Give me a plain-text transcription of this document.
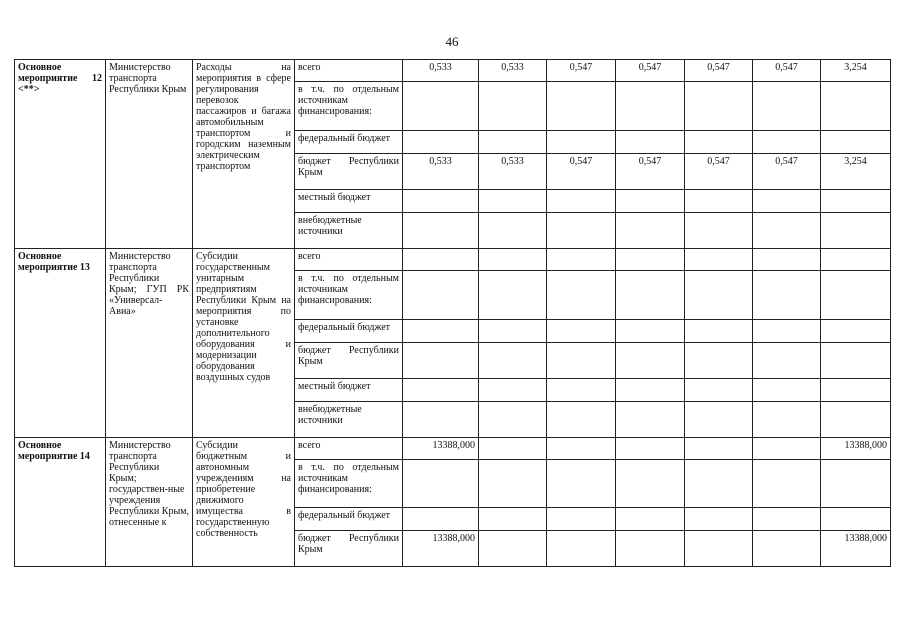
46
Основное мероприятие 12 <**>	Министерство транспорта Республики Крым	Расходы на мероприятия в сфере регулирования перевозок пассажиров и багажа автомобильным транспортом и городским наземным электрическим транспортом	всего	0,533	0,533	0,547	0,547	0,547	0,547	3,254
			в т.ч. по отдельным источникам финансирования:							
			федеральный бюджет							
			бюджет Республики Крым	0,533	0,533	0,547	0,547	0,547	0,547	3,254
			местный бюджет							
			внебюджетные источники							
Основное мероприятие 13	Министерство транспорта Республики Крым; ГУП РК «Универсал-Авиа»	Субсидии государственным унитарным предприятиям Республики Крым на мероприятия по установке дополнительного оборудования и модернизации оборудования воздушных судов	всего							
			в т.ч. по отдельным источникам финансирования:							
			федеральный бюджет							
			бюджет Республики Крым							
			местный бюджет							
			внебюджетные источники							
Основное мероприятие 14	Министерство транспорта Республики Крым; государствен-ные учреждения Республики Крым, отнесенные к	Субсидии бюджетным и автономным учреждениям на приобретение движимого имущества в государственную собственность	всего	13388,000						13388,000
			в т.ч. по отдельным источникам финансирования:							
			федеральный бюджет							
			бюджет Республики Крым	13388,000						13388,000
